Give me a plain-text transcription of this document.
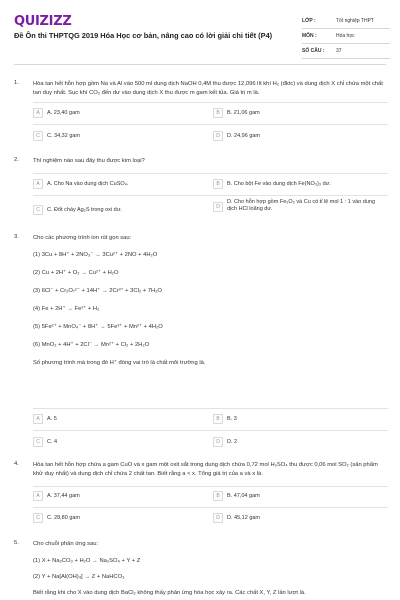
QUIZIZZ
Đề Ôn thi THPTQG 2019 Hóa Học cơ bản, nâng cao có lời giải chi tiết (P4)
LỚP :	Tốt nghiệp THPT
MÔN :	Hóa học
SỐ CÂU :	37
1. Hòa tan hết hỗn hợp gồm Na và Al vào 500 ml dung dịch NaOH 0,4M thu được 12,096 lít khí H₂ (đktc) và dung dịch X chỉ chứa một chất tan duy nhất. Sục khí CO₂ đến dư vào dung dịch X thu được m gam kết tủa. Giá trị m là.
A	A. 23,40 gam	B	B. 21,06 gam
C	C. 34,32 gam	D	D. 24,96 gam
2. Thí nghiệm nào sau đây thu được kim loại?
A	A. Cho Na vào dung dịch CuSO₄.	B	B. Cho bột Fe vào dung dịch Fe(NO₃)₃ dư.
C	C. Đốt cháy Ag₂S trong oxi dư.	D
D. Cho hỗn hợp gồm Fe₂O₃ và Cu có tỉ lệ mol 1 : 1 vào dung dịch HCl loãng dư.
3. Cho các phương trình ion rút gọn sau:
(1) 3Cu + 8H⁺ + 2NO₃⁻ → 3Cu²⁺ + 2NO + 4H₂O
(2) Cu + 2H⁺ + O₂ → Cu²⁺ + H₂O
(3) 6Cl⁻ + Cr₂O₇²⁻ + 14H⁺ → 2Cr³⁺ + 3Cl₂ + 7H₂O
(4) Fe + 2H⁺ → Fe²⁺ + H₂
(5) 5Fe²⁺ + MnO₄⁻ + 8H⁺ → 5Fe³⁺ + Mn²⁺ + 4H₂O
(6) MnO₂ + 4H⁺ + 2Cl⁻ → Mn²⁺ + Cl₂ + 2H₂O
Số phương trình mà trong đó H⁺ đóng vai trò là chất môi trường là.
A	A. 5	B	B. 3
C	C. 4	D	D. 2
4. Hòa tan hết hỗn hợp chứa a gam CuO và x gam một oxit sắt trong dung dịch chứa 0,72 mol H₂SO₄ thu được 0,06 mol SO₂ (sản phẩm khử duy nhất) và dung dịch chỉ chứa 2 chất tan. Biết rằng a < x. Tổng giá trị của a và x là.
A	A. 37,44 gam	B	B. 47,04 gam
C	C. 28,80 gam	D	D. 45,12 gam
5. Cho chuỗi phản ứng sau:
(1) X + Na₂CO₃ + H₂O → Na₂SO₄ + Y + Z
(2) Y + Na[Al(OH)₄] → Z + NaHCO₃
Biết rằng khi cho X vào dung dịch BaCl₂ không thấy phản ứng hóa học xảy ra. Các chất X, Y, Z lần lượt là.
